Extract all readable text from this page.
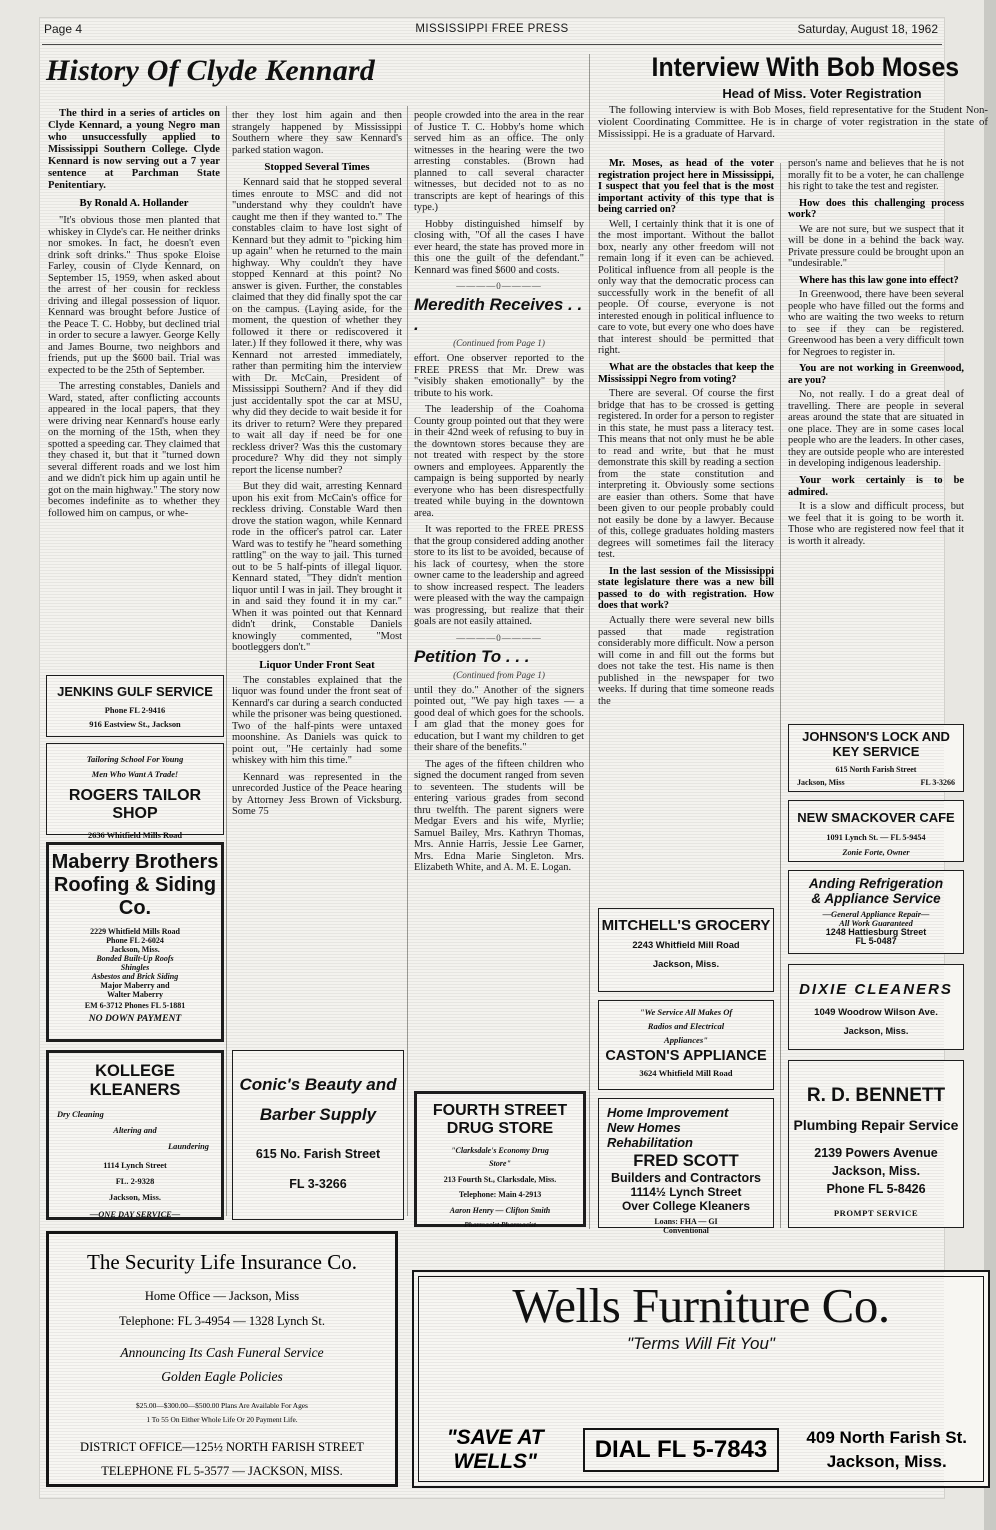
Page 4	MISSISSIPPI FREE PRESS	Saturday, August 18, 1962
History Of Clyde Kennard	Interview With Bob Moses
Head of Miss. Voter Registration

The third in a series of articles on Clyde Kennard, a young Negro man who unsuccessfully applied to Mississippi Southern College. Clyde Kennard is now serving out a 7 year sentence at Parchman State Penitentiary.

By Ronald A. Hollander

"It's obvious those men planted that whiskey in Clyde's car. He neither drinks nor smokes. In fact, he doesn't even drink soft drinks." Thus spoke Eloise Farley, cousin of Clyde Kennard, on September 15, 1959, when asked about the arrest of her cousin for reckless driving and illegal possession of liquor. Kennard was brought before Justice of the Peace T. C. Hobby, but declined trial in order to secure a lawyer. George Kelly and James Bourne, two neighbors and friends, put up the $600 bail. Trial was expected to be the 25th of September.

The arresting constables, Daniels and Ward, stated, after conflicting accounts appeared in the local papers, that they were driving near Kennard's house early on the morning of the 15th, when they spotted a speeding car. They claimed that they chased it, but that it "turned down several different roads and we lost him and we didn't pick him up again until he got on the main highway." The story now becomes indefinite as to whether they followed him on campus, or whe-

ther they lost him again and then strangely happened by Mississippi Southern where they saw Kennard's parked station wagon.

Stopped Several Times

Kennard said that he stopped several times enroute to MSC and did not "understand why they couldn't have caught me then if they wanted to." The constables claim to have lost sight of Kennard but they admit to "picking him up again" when he returned to the main highway. Why couldn't they have stopped Kennard at this point? No answer is given. Further, the constables claimed that they did finally spot the car on the campus. (Laying aside, for the moment, the question of whether they followed it there or rediscovered it later.) If they followed it there, why was Kennard not arrested immediately, rather than permiting him the interview with Dr. McCain, President of Mississippi Southern? And if they did just accidentally spot the car at MSU, why did they decide to wait beside it for its driver to return? Were they prepared to wait all day if need be for one reckless driver? Was this the customary procedure? Why did they not simply report the license number?

But they did wait, arresting Kennard upon his exit from McCain's office for reckless driving. Constable Ward then drove the station wagon, while Kennard rode in the officer's patrol car. Later Ward was to testify he "heard something rattling" on the way to jail. This turned out to be 5 half-pints of illegal liquor. Kennard stated, "They didn't mention liquor until I was in jail. They brought it in and said they found it in my car." When it was pointed out that Kennard didn't drink, Constable Daniels knowingly commented, "Most bootleggers don't."

Liquor Under Front Seat

The constables explained that the liquor was found under the front seat of Kennard's car during a search conducted while the prisoner was being questioned. Two of the half-pints were untaxed moonshine. As Daniels was quick to point out, "He certainly had some whiskey with him this time."

Kennard was represented in the unrecorded Justice of the Peace hearing by Attorney Jess Brown of Vicksburg. Some 75

people crowded into the area in the rear of Justice T. C. Hobby's home which served him as an office. The only witnesses in the hearing were the two arresting constables. (Brown had planned to call several character witnesses, but decided not to as no transcripts are kept of hearings of this type.)

Hobby distinguished himself by closing with, "Of all the cases I have ever heard, the state has proved more in this one the guilt of the defendant." Kennard was fined $600 and costs.

————0————
Meredith Receives . . .
(Continued from Page 1)

effort. One observer reported to the FREE PRESS that Mr. Drew was "visibly shaken emotionally" by the tribute to his work.

The leadership of the Coahoma County group pointed out that they were in their 42nd week of refusing to buy in the downtown stores because they are not treated with respect by the store owners and employees. Apparently the campaign is being supported by nearly everyone who has been disrespectfully treated while buying in the downtown area.

It was reported to the FREE PRESS that the group considered adding another store to its list to be avoided, because of his lack of courtesy, when the store owner came to the leadership and agreed to show increased respect. The leaders were pleased with the way the campaign was progressing, but realize that their goals are not easily attained.

————0————
Petition To . . .
(Continued from Page 1)

until they do." Another of the signers pointed out, "We pay high taxes — a good deal of which goes for the schools. I am glad that the money goes for education, but I want my children to get their share of the benefits."

The ages of the fifteen children who signed the document ranged from seven to seventeen. The students will be entering various grades from second thru twelfth. The parent signers were Medgar Evers and his wife, Myrlie; Samuel Bailey, Mrs. Kathryn Thomas, Mrs. Annie Harris, Jessie Lee Garner, Mrs. Edna Marie Singleton. Mrs. Elizabeth White, and A. M. E. Logan.

The following interview is with Bob Moses, field representative for the Student Non-violent Coordinating Committee. He is in charge of voter registration in the state of Mississippi. He is a graduate of Harvard.

Mr. Moses, as head of the voter registration project here in Mississippi, I suspect that you feel that is the most important activity of this type that is being carried on?

Well, I certainly think that it is one of the most important. Without the ballot box, nearly any other freedom will not remain long if it even can be achieved. Political influence from all people is the only way that the democratic process can successfully work in the benefit of all people. Of course, everyone is not interested enough in political influence to care to vote, but every one who does have that interest should be permitted that right.

What are the obstacles that keep the Mississippi Negro from voting?

There are several. Of course the first bridge that has to be crossed is getting registered. In order for a person to register in this state, he must pass a literacy test. This means that not only must he be able to read and write, but that he must demonstrate this skill by reading a section from the state constitution and interpreting it. Obviously some sections are easier than others. Some that have been given to our people probably could not easily be done by a lawyer. Because of this, college graduates holding masters degrees will sometimes fail the literacy test.

In the last session of the Mississippi state legislature there was a new bill passed to do with registration. How does that work?

Actually there were several new bills passed that made registration considerably more difficult. Now a person will come in and fill out the forms but does not take the test. His name is then published in the newspaper for two weeks. If during that time someone reads the

person's name and believes that he is not morally fit to be a voter, he can challenge his right to take the test and register.

How does this challenging process work?

We are not sure, but we suspect that it will be done in a behind the back way. Private pressure could be brought upon an "undesirable."

Where has this law gone into effect?

In Greenwood, there have been several people who have filled out the forms and who are waiting the two weeks to return to see if they can be registered. Greenwood has been a very difficult town for Negroes to register in.

You are not working in Greenwood, are you?

No, not really. I do a great deal of travelling. There are people in several areas around the state that are situated in one place. They are in some cases local people who are the leaders. In other cases, they are outside people who are interested in developing indigenous leadership.

Your work certainly is to be admired.

It is a slow and difficult process, but we feel that it is going to be worth it. Those who are registered now feel that it is worth it already.

JENKINS GULF SERVICE
Phone FL 2-9416
916 Eastview St., Jackson
Tailoring School For Young
Men Who Want A Trade!
ROGERS TAILOR SHOP
2636 Whitfield Mills Road
Maberry Brothers
Roofing & Siding Co.
2229 Whitfield Mills Road
Phone FL 2-6024
Jackson, Miss.
Bonded Built-Up Roofs
Shingles
Asbestos and Brick Siding
Major Maberry and
Walter Maberry
EM 6-3712 Phones FL 5-1881
NO DOWN PAYMENT
KOLLEGE KLEANERS
Dry Cleaning
Altering and
Laundering
1114 Lynch Street
FL. 2-9328
Jackson, Miss.
—ONE DAY SERVICE—
Conic's Beauty and
Barber Supply
615 No. Farish Street
FL 3-3266
FOURTH STREET
DRUG STORE
"Clarksdale's Economy Drug
Store"
213 Fourth St., Clarksdale, Miss.
Telephone: Main 4-2913
Aaron Henry — Clifton Smith
Pharmacist Pharmacist
JOHNSON'S LOCK AND
KEY SERVICE
615 North Farish Street
Jackson, Miss	FL 3-3266
NEW SMACKOVER CAFE
1091 Lynch St. — FL 5-9454
Zonie Forte, Owner
Anding Refrigeration
& Appliance Service
—General Appliance Repair—
All Work Guaranteed
1248 Hattiesburg Street
FL 5-0487
DIXIE CLEANERS
1049 Woodrow Wilson Ave.
Jackson, Miss.
MITCHELL'S GROCERY
2243 Whitfield Mill Road
Jackson, Miss.
"We Service All Makes Of
Radios and Electrical
Appliances"
CASTON'S APPLIANCE
3624 Whitfield Mill Road
Home Improvement
New Homes
Rehabilitation
FRED SCOTT
Builders and Contractors
1114½ Lynch Street
Over College Kleaners
Loans: FHA — GI
Conventional
R. D. BENNETT
Plumbing Repair Service
2139 Powers Avenue
Jackson, Miss.
Phone FL 5-8426
PROMPT SERVICE
The Security Life Insurance Co.
Home Office — Jackson, Miss
Telephone: FL 3-4954 — 1328 Lynch St.
Announcing Its Cash Funeral Service
Golden Eagle Policies
$25.00—$300.00—$500.00 Plans Are Available For Ages
1 To 55 On Either Whole Life Or 20 Payment Life.
DISTRICT OFFICE—125½ NORTH FARISH STREET
TELEPHONE FL 5-3577 — JACKSON, MISS.
Wells Furniture Co.
"Terms Will Fit You"
"SAVE AT
WELLS"	DIAL FL 5-7843	409 North Farish St.
Jackson, Miss.
